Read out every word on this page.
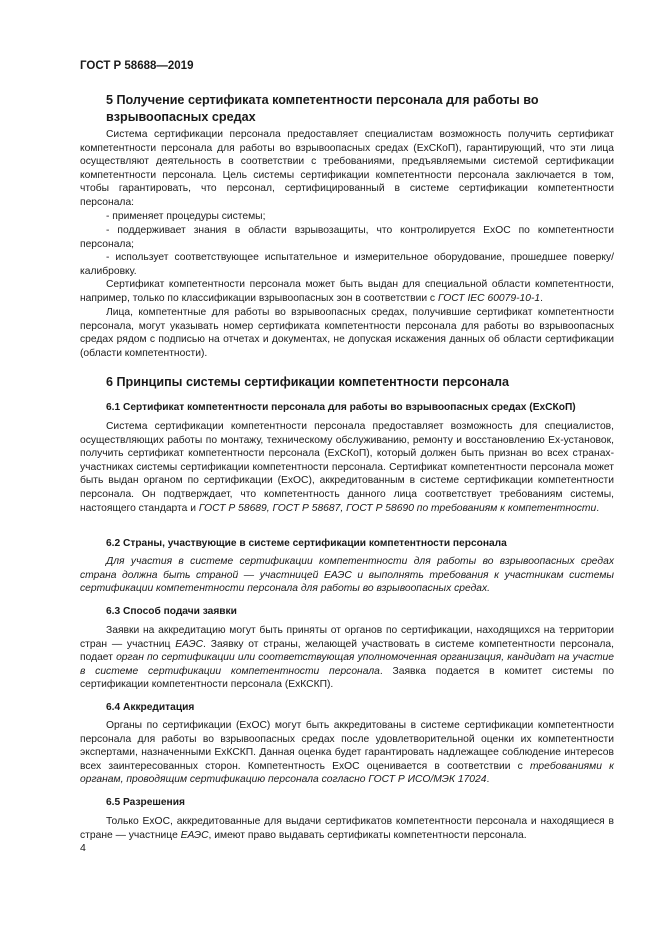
ГОСТ Р 58688—2019
5 Получение сертификата компетентности персонала для работы во взрывоопасных средах
Система сертификации персонала предоставляет специалистам возможность получить сертификат компетентности персонала для работы во взрывоопасных средах (ExСКоП), гарантирующий, что эти лица осуществляют деятельность в соответствии с требованиями, предъявляемыми системой сертификации компетентности персонала. Цель системы сертификации компетентности персонала заключается в том, чтобы гарантировать, что персонал, сертифицированный в системе сертификации компетентности персонала:
- применяет процедуры системы;
- поддерживает знания в области взрывозащиты, что контролируется ExОС по компетентности персонала;
- использует соответствующее испытательное и измерительное оборудование, прошедшее поверку/калибровку.
Сертификат компетентности персонала может быть выдан для специальной области компетентности, например, только по классификации взрывоопасных зон в соответствии с ГОСТ IEC 60079-10-1.
Лица, компетентные для работы во взрывоопасных средах, получившие сертификат компетентности персонала, могут указывать номер сертификата компетентности персонала для работы во взрывоопасных средах рядом с подписью на отчетах и документах, не допуская искажения данных об области сертификации (области компетентности).
6 Принципы системы сертификации компетентности персонала
6.1 Сертификат компетентности персонала для работы во взрывоопасных средах (ExСКоП)
Система сертификации компетентности персонала предоставляет возможность для специалистов, осуществляющих работы по монтажу, техническому обслуживанию, ремонту и восстановлению Ex-установок, получить сертификат компетентности персонала (ExСКоП), который должен быть признан во всех странах-участниках системы сертификации компетентности персонала. Сертификат компетентности персонала может быть выдан органом по сертификации (ExОС), аккредитованным в системе сертификации компетентности персонала. Он подтверждает, что компетентность данного лица соответствует требованиям системы, настоящего стандарта и ГОСТ Р 58689, ГОСТ Р 58687, ГОСТ Р 58690 по требованиям к компетентности.
6.2 Страны, участвующие в системе сертификации компетентности персонала
Для участия в системе сертификации компетентности для работы во взрывоопасных средах страна должна быть страной — участницей ЕАЭС и выполнять требования к участникам системы сертификации компетентности персонала для работы во взрывоопасных средах.
6.3 Способ подачи заявки
Заявки на аккредитацию могут быть приняты от органов по сертификации, находящихся на территории стран — участниц ЕАЭС. Заявку от страны, желающей участвовать в системе компетентности персонала, подает орган по сертификации или соответствующая уполномоченная организация, кандидат на участие в системе сертификации компетентности персонала. Заявка подается в комитет системы по сертификации компетентности персонала (ExКСКП).
6.4 Аккредитация
Органы по сертификации (ExОС) могут быть аккредитованы в системе сертификации компетентности персонала для работы во взрывоопасных средах после удовлетворительной оценки их компетентности экспертами, назначенными ExКСКП. Данная оценка будет гарантировать надлежащее соблюдение интересов всех заинтересованных сторон. Компетентность ExОС оценивается в соответствии с требованиями к органам, проводящим сертификацию персонала согласно ГОСТ Р ИСО/МЭК 17024.
6.5 Разрешения
Только ExОС, аккредитованные для выдачи сертификатов компетентности персонала и находящиеся в стране — участнице ЕАЭС, имеют право выдавать сертификаты компетентности персонала.
4
